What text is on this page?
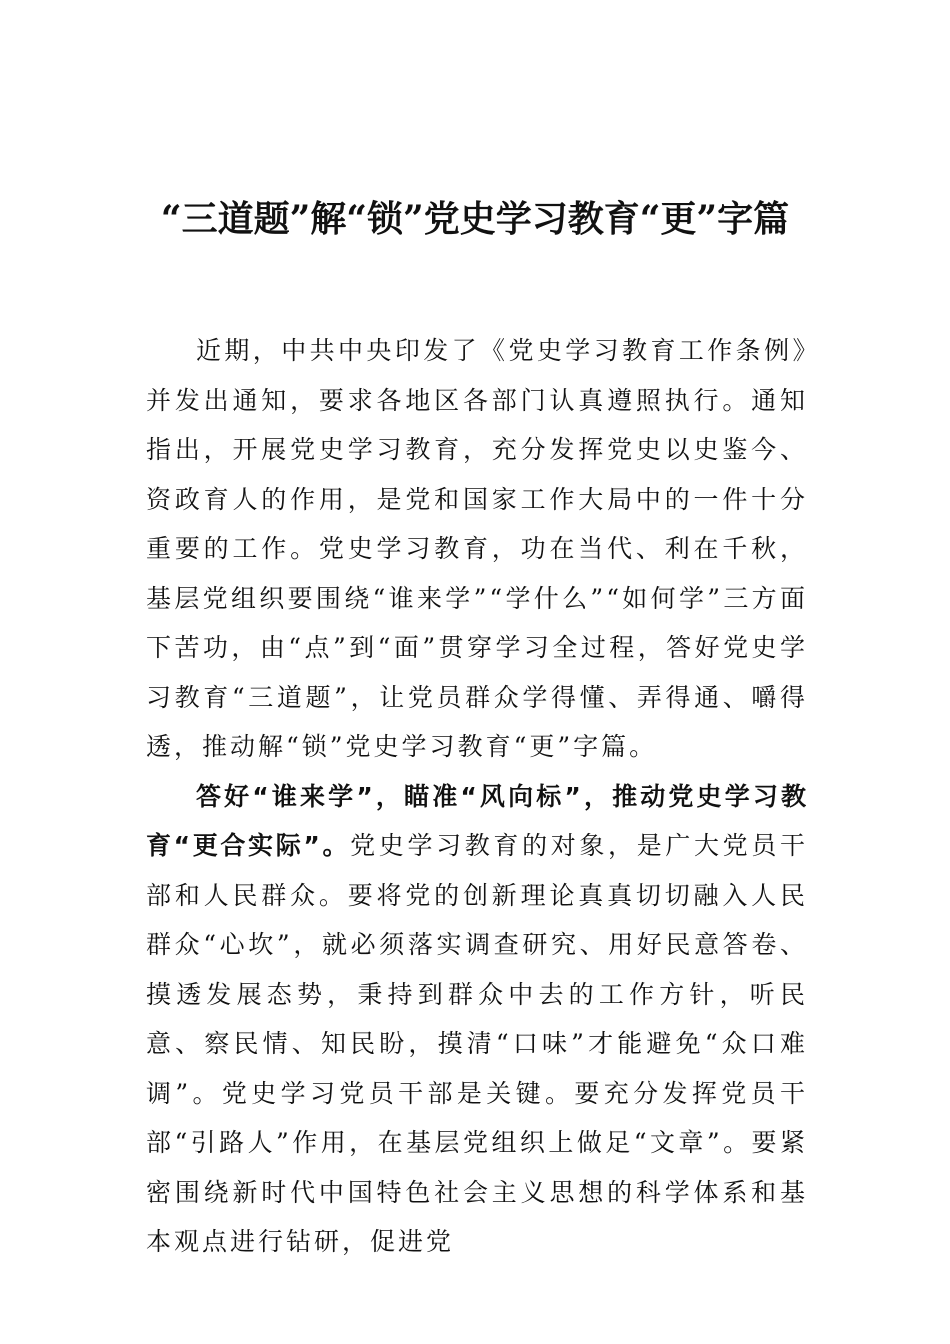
“三道题”解“锁”党史学习教育“更”字篇

近期，中共中央印发了《党史学习教育工作条例》并发出通知，要求各地区各部门认真遵照执行。通知指出，开展党史学习教育，充分发挥党史以史鉴今、资政育人的作用，是党和国家工作大局中的一件十分重要的工作。党史学习教育，功在当代、利在千秋，基层党组织要围绕“谁来学”“学什么”“如何学”三方面下苦功，由“点”到“面”贯穿学习全过程，答好党史学习教育“三道题”，让党员群众学得懂、弄得通、嚼得透，推动解“锁”党史学习教育“更”字篇。

答好“谁来学”，瞄准“风向标”，推动党史学习教育“更合实际”。党史学习教育的对象，是广大党员干部和人民群众。要将党的创新理论真真切切融入人民群众“心坎”，就必须落实调查研究、用好民意答卷、摸透发展态势，秉持到群众中去的工作方针，听民意、察民情、知民盼，摸清“口味”才能避免“众口难调”。党史学习党员干部是关键。要充分发挥党员干部“引路人”作用，在基层党组织上做足“文章”。要紧密围绕新时代中国特色社会主义思想的科学体系和基本观点进行钻研，促进党
